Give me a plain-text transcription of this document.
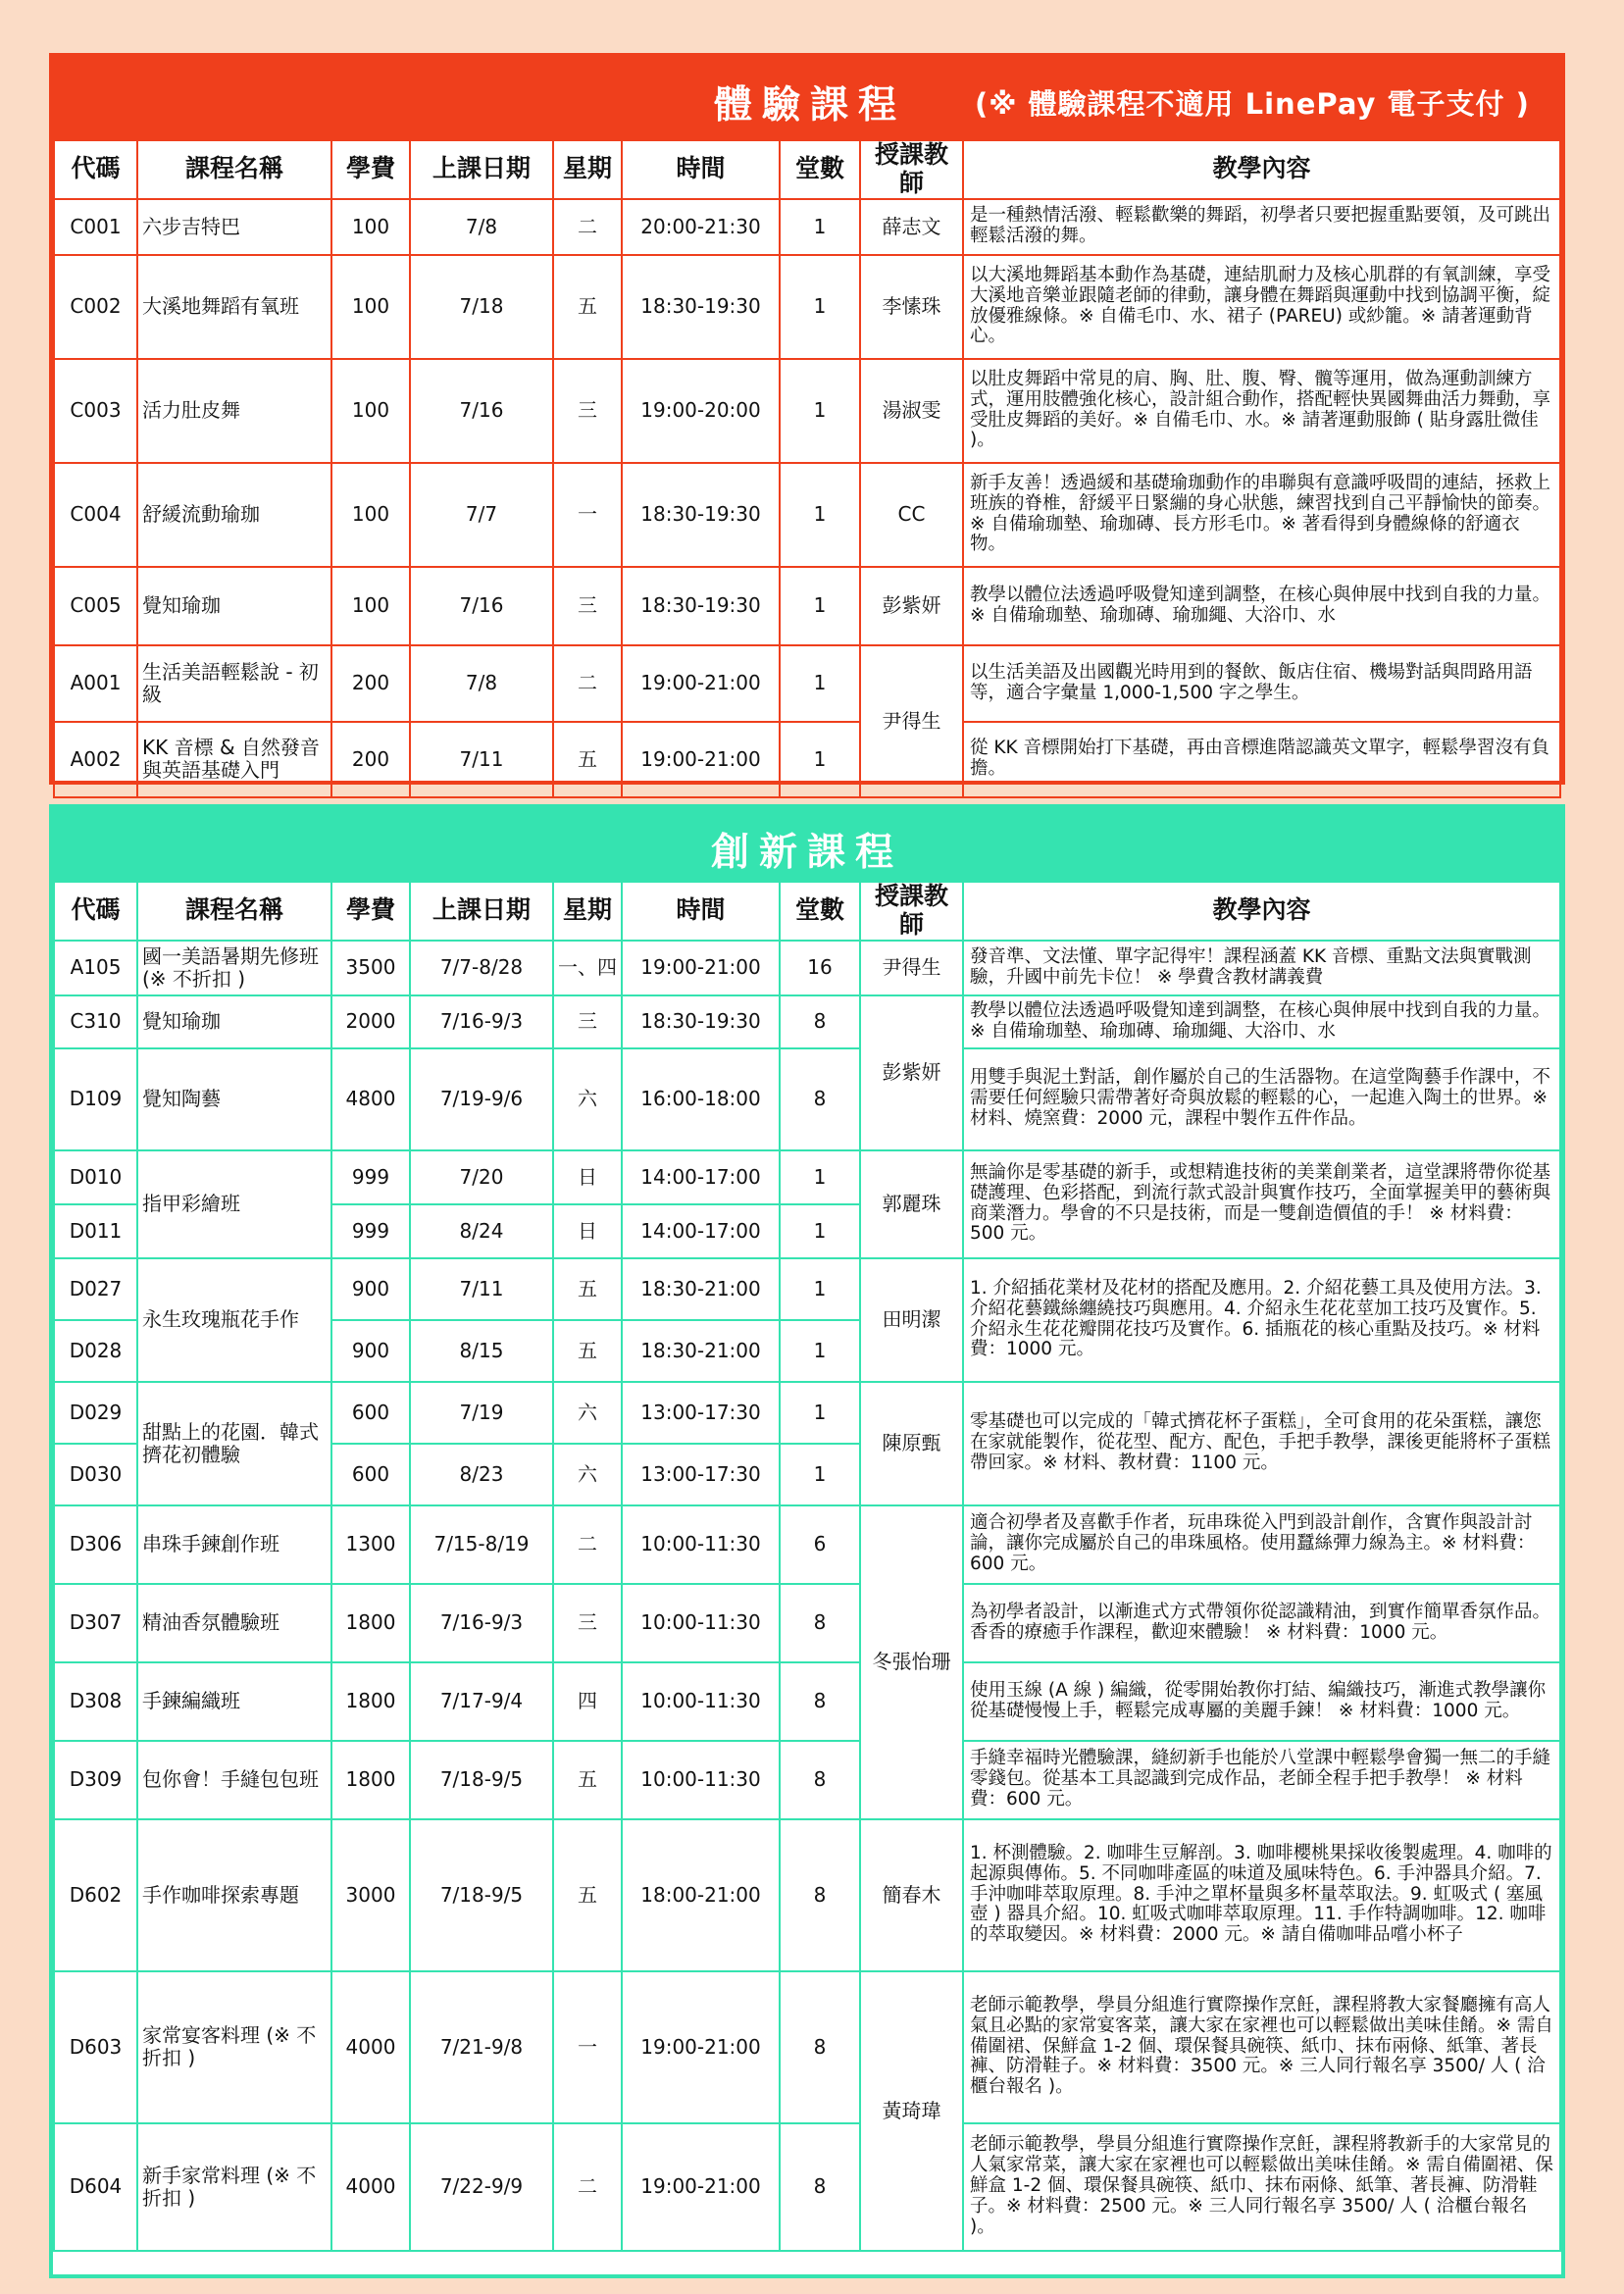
體驗課程 (※ 體驗課程不適用 LinePay 電子支付 )
代碼	課程名稱	學費	上課日期	星期	時間	堂數	授課教師	教學內容
C001	六步吉特巴	100	7/8	二	20:00-21:30	1	薛志文	是一種熱情活潑、輕鬆歡樂的舞蹈，初學者只要把握重點要領，及可跳出輕鬆活潑的舞。
C002	大溪地舞蹈有氧班	100	7/18	五	18:30-19:30	1	李愫珠	以大溪地舞蹈基本動作為基礎，連結肌耐力及核心肌群的有氧訓練，享受大溪地音樂並跟隨老師的律動，讓身體在舞蹈與運動中找到協調平衡，綻放優雅線條。※ 自備毛巾、水、裙子 (PAREU) 或紗籠。※ 請著運動背心。
C003	活力肚皮舞	100	7/16	三	19:00-20:00	1	湯淑雯	以肚皮舞蹈中常見的肩、胸、肚、腹、臀、髖等運用，做為運動訓練方式，運用肢體強化核心，設計組合動作，搭配輕快異國舞曲活力舞動，享受肚皮舞蹈的美好。※ 自備毛巾、水。※ 請著運動服飾 ( 貼身露肚微佳 )。
C004	舒緩流動瑜珈	100	7/7	一	18:30-19:30	1	CC	新手友善！透過緩和基礎瑜珈動作的串聯與有意識呼吸間的連結，拯救上班族的脊椎，舒緩平日緊繃的身心狀態，練習找到自己平靜愉快的節奏。※ 自備瑜珈墊、瑜珈磚、長方形毛巾。※ 著看得到身體線條的舒適衣物。
C005	覺知瑜珈	100	7/16	三	18:30-19:30	1	彭紫妍	教學以體位法透過呼吸覺知達到調整，在核心與伸展中找到自我的力量。※ 自備瑜珈墊、瑜珈磚、瑜珈繩、大浴巾、水
A001	生活美語輕鬆說 - 初級	200	7/8	二	19:00-21:00	1	尹得生	以生活美語及出國觀光時用到的餐飲、飯店住宿、機場對話與問路用語等，適合字彙量 1,000-1,500 字之學生。
A002	KK 音標 & 自然發音與英語基礎入門	200	7/11	五	19:00-21:00	1		從 KK 音標開始打下基礎，再由音標進階認識英文單字，輕鬆學習沒有負擔。
創新課程
代碼	課程名稱	學費	上課日期	星期	時間	堂數	授課教師	教學內容
A105	國一美語暑期先修班 (※ 不折扣 )	3500	7/7-8/28	一、四	19:00-21:00	16	尹得生	發音準、文法懂、單字記得牢！課程涵蓋 KK 音標、重點文法與實戰測驗，升國中前先卡位！ ※ 學費含教材講義費
C310	覺知瑜珈	2000	7/16-9/3	三	18:30-19:30	8	彭紫妍	教學以體位法透過呼吸覺知達到調整，在核心與伸展中找到自我的力量。※ 自備瑜珈墊、瑜珈磚、瑜珈繩、大浴巾、水
D109	覺知陶藝	4800	7/19-9/6	六	16:00-18:00	8		用雙手與泥土對話，創作屬於自己的生活器物。在這堂陶藝手作課中，不需要任何經驗只需帶著好奇與放鬆的輕鬆的心，一起進入陶土的世界。※ 材料、燒窯費：2000 元，課程中製作五件作品。
D010	指甲彩繪班	999	7/20	日	14:00-17:00	1	郭麗珠	無論你是零基礎的新手，或想精進技術的美業創業者，這堂課將帶你從基礎護理、色彩搭配，到流行款式設計與實作技巧，全面掌握美甲的藝術與商業潛力。學會的不只是技術，而是一雙創造價值的手！ ※ 材料費：500 元。
D011		999	8/24	日	14:00-17:00	1		
D027	永生玫瑰瓶花手作	900	7/11	五	18:30-21:00	1	田明潔	1. 介紹插花業材及花材的搭配及應用。2. 介紹花藝工具及使用方法。3. 介紹花藝鐵絲纏繞技巧與應用。4. 介紹永生花花莖加工技巧及實作。5. 介紹永生花花瓣開花技巧及實作。6. 插瓶花的核心重點及技巧。※ 材料費：1000 元。
D028		900	8/15	五	18:30-21:00	1		
D029	甜點上的花園．韓式擠花初體驗	600	7/19	六	13:00-17:30	1	陳原甄	零基礎也可以完成的「韓式擠花杯子蛋糕」，全可食用的花朵蛋糕，讓您在家就能製作，從花型、配方、配色，手把手教學，課後更能將杯子蛋糕帶回家。※ 材料、教材費：1100 元。
D030		600	8/23	六	13:00-17:30	1		
D306	串珠手鍊創作班	1300	7/15-8/19	二	10:00-11:30	6	冬張怡珊	適合初學者及喜歡手作者，玩串珠從入門到設計創作，含實作與設計討論，讓你完成屬於自己的串珠風格。使用蠶絲彈力線為主。※ 材料費：600 元。
D307	精油香氛體驗班	1800	7/16-9/3	三	10:00-11:30	8		為初學者設計，以漸進式方式帶領你從認識精油，到實作簡單香氛作品。香香的療癒手作課程，歡迎來體驗！ ※ 材料費：1000 元。
D308	手鍊編織班	1800	7/17-9/4	四	10:00-11:30	8		使用玉線 (A 線 ) 編織，從零開始教你打結、編織技巧，漸進式教學讓你從基礎慢慢上手，輕鬆完成專屬的美麗手鍊！ ※ 材料費：1000 元。
D309	包你會！手縫包包班	1800	7/18-9/5	五	10:00-11:30	8		手縫幸福時光體驗課，縫紉新手也能於八堂課中輕鬆學會獨一無二的手縫零錢包。從基本工具認識到完成作品，老師全程手把手教學！ ※ 材料費：600 元。
D602	手作咖啡探索專題	3000	7/18-9/5	五	18:00-21:00	8	簡春木	1. 杯測體驗。2. 咖啡生豆解剖。3. 咖啡櫻桃果採收後製處理。4. 咖啡的起源與傳佈。5. 不同咖啡產區的味道及風味特色。6. 手沖器具介紹。7. 手沖咖啡萃取原理。8. 手沖之單杯量與多杯量萃取法。9. 虹吸式 ( 塞風壺 ) 器具介紹。10. 虹吸式咖啡萃取原理。11. 手作特調咖啡。12. 咖啡的萃取變因。※ 材料費：2000 元。※ 請自備咖啡品嚐小杯子
D603	家常宴客料理 (※ 不折扣 )	4000	7/21-9/8	一	19:00-21:00	8	黃琦瑋	老師示範教學，學員分組進行實際操作烹飪，課程將教大家餐廳擁有高人氣且必點的家常宴客菜，讓大家在家裡也可以輕鬆做出美味佳餚。※ 需自備圍裙、保鮮盒 1-2 個、環保餐具碗筷、紙巾、抹布兩條、紙筆、著長褲、防滑鞋子。※ 材料費：3500 元。※ 三人同行報名享 3500/ 人 ( 洽櫃台報名 )。
D604	新手家常料理 (※ 不折扣 )	4000	7/22-9/9	二	19:00-21:00	8		老師示範教學，學員分組進行實際操作烹飪，課程將教新手的大家常見的人氣家常菜，讓大家在家裡也可以輕鬆做出美味佳餚。※ 需自備圍裙、保鮮盒 1-2 個、環保餐具碗筷、紙巾、抹布兩條、紙筆、著長褲、防滑鞋子。※ 材料費：2500 元。※ 三人同行報名享 3500/ 人 ( 洽櫃台報名 )。
